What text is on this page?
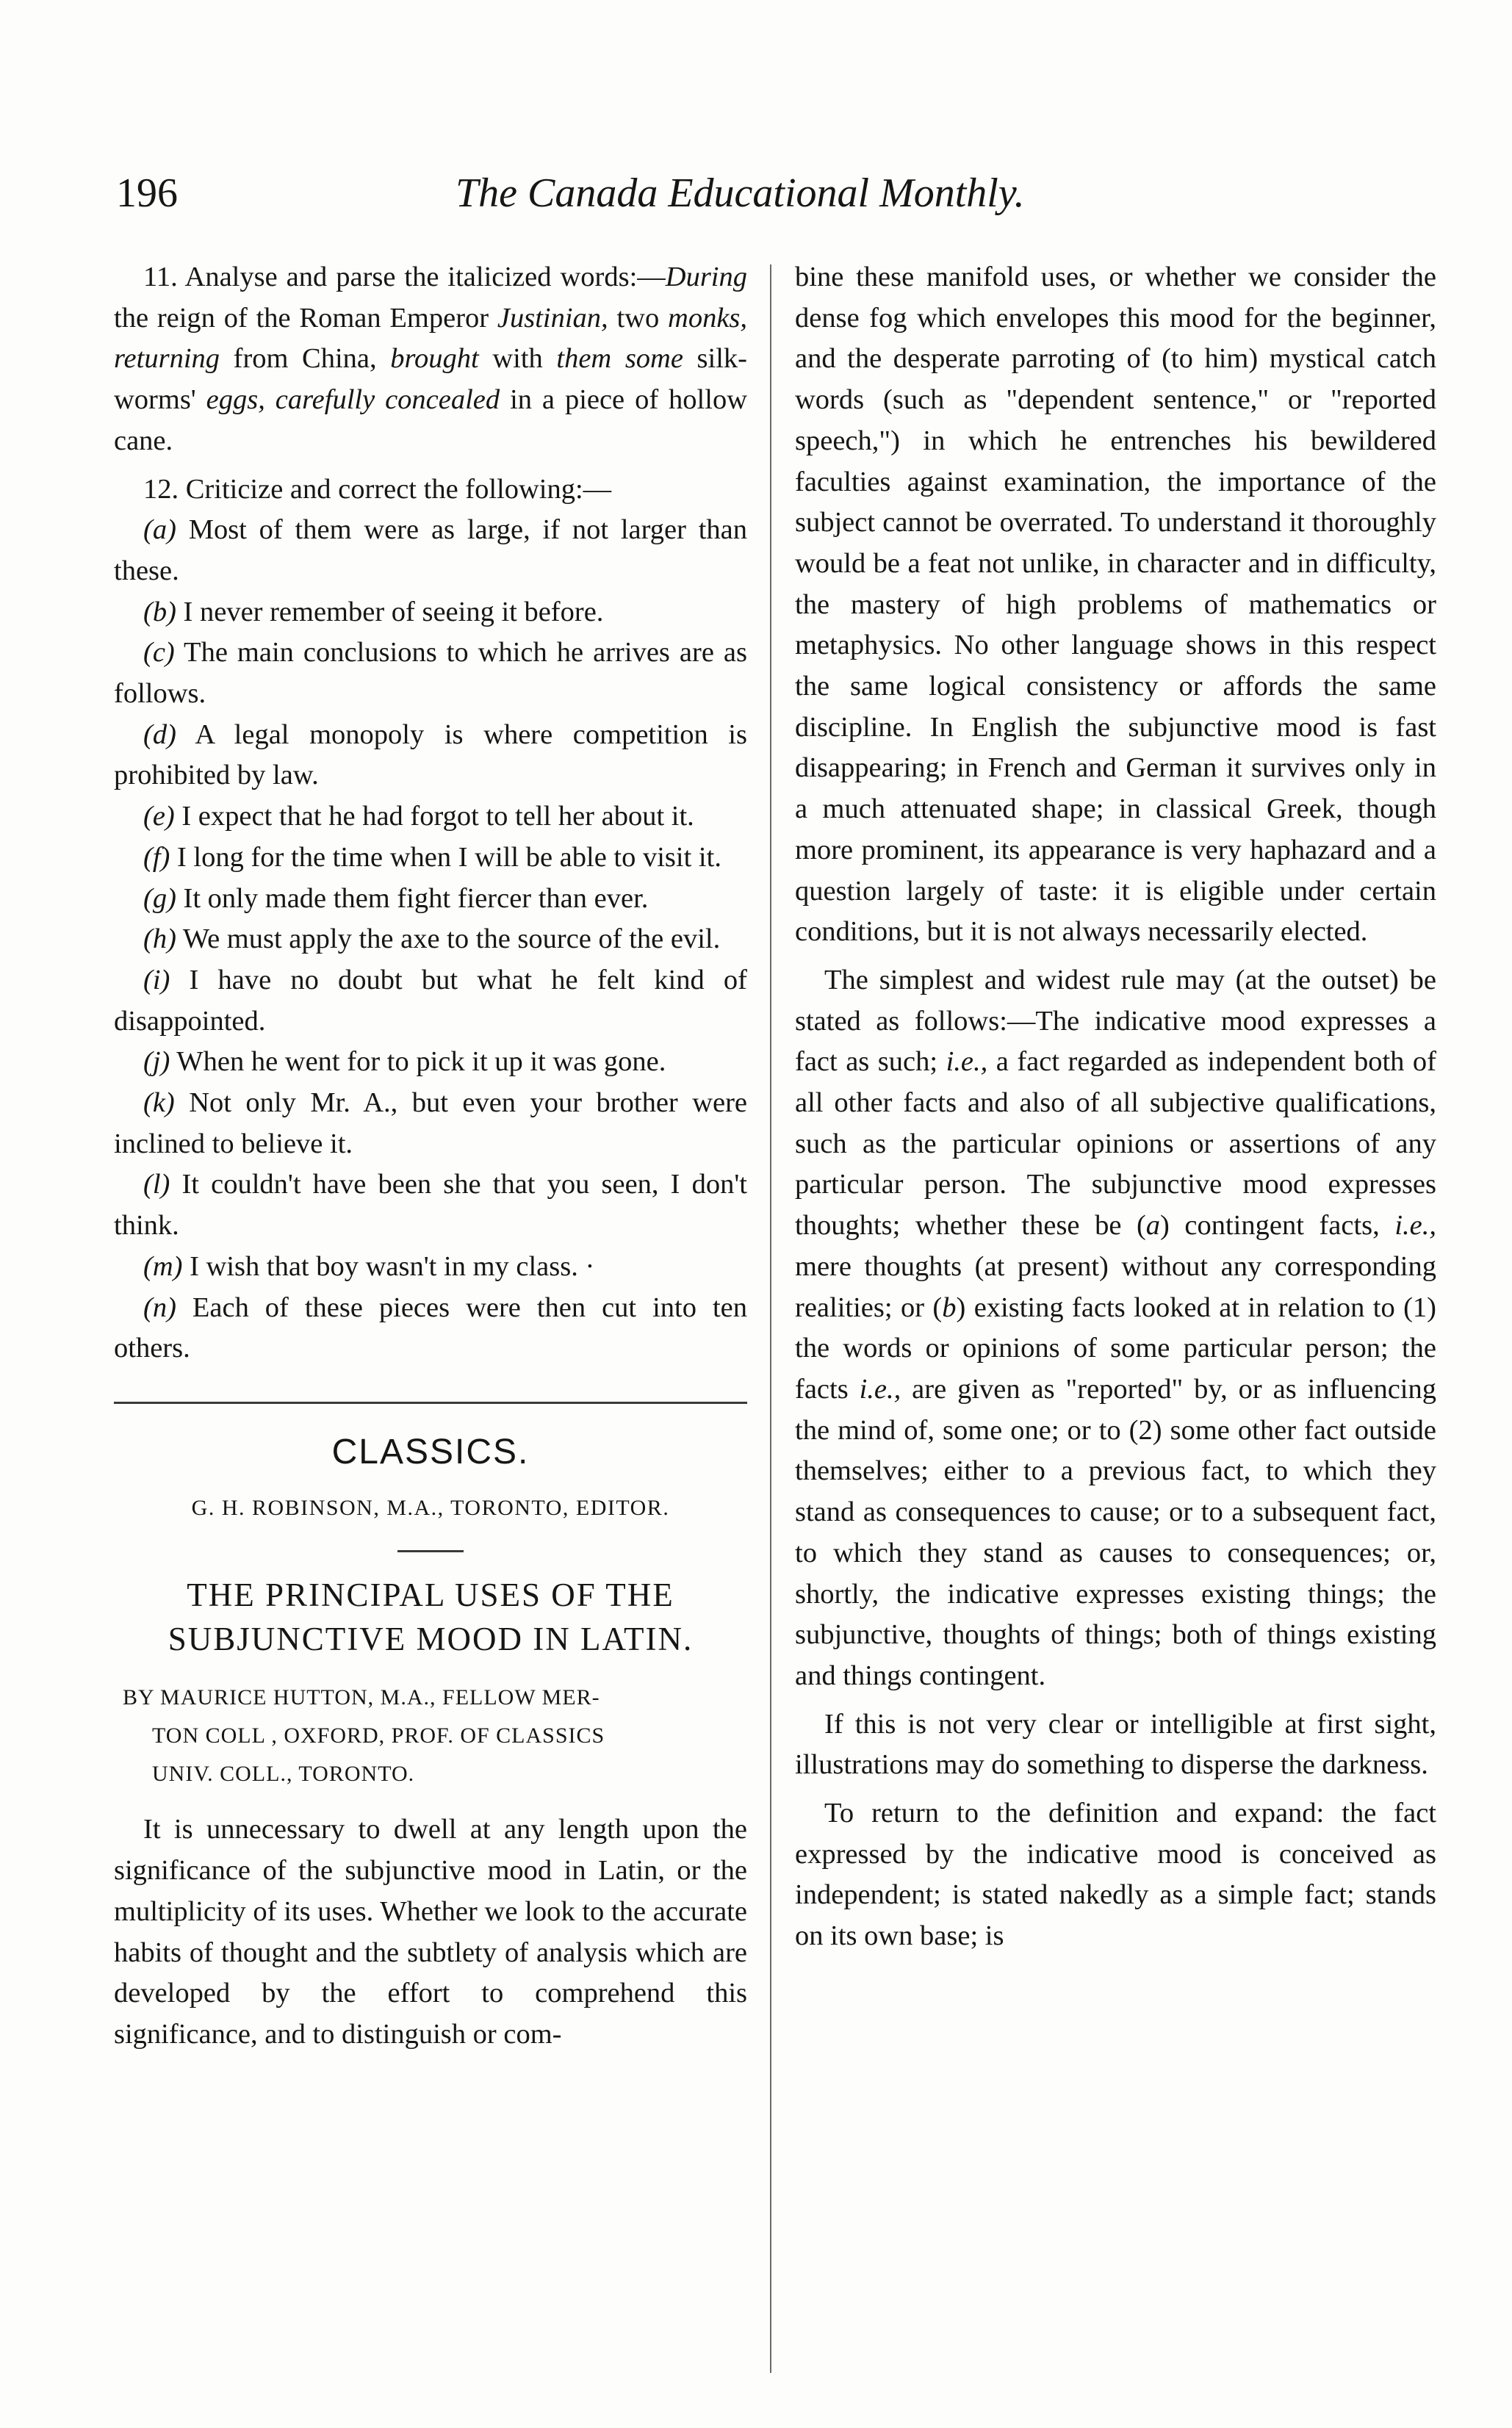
196	The Canada Educational Monthly.

11. Analyse and parse the italicized words:—During the reign of the Roman Emperor Justinian, two monks, returning from China, brought with them some silk-worms' eggs, carefully concealed in a piece of hollow cane.

12. Criticize and correct the following:—

(a) Most of them were as large, if not larger than these.

(b) I never remember of seeing it before.

(c) The main conclusions to which he arrives are as follows.

(d) A legal monopoly is where competition is prohibited by law.

(e) I expect that he had forgot to tell her about it.

(f) I long for the time when I will be able to visit it.

(g) It only made them fight fiercer than ever.

(h) We must apply the axe to the source of the evil.

(i) I have no doubt but what he felt kind of disappointed.

(j) When he went for to pick it up it was gone.

(k) Not only Mr. A., but even your brother were inclined to believe it.

(l) It couldn't have been she that you seen, I don't think.

(m) I wish that boy wasn't in my class. ·

(n) Each of these pieces were then cut into ten others.

CLASSICS.

G. H. ROBINSON, M.A., TORONTO, EDITOR.

THE PRINCIPAL USES OF THE SUBJUNCTIVE MOOD IN LATIN.

BY MAURICE HUTTON, M.A., FELLOW MER-
TON COLL , OXFORD, PROF. OF CLASSICS
UNIV. COLL., TORONTO.

It is unnecessary to dwell at any length upon the significance of the subjunctive mood in Latin, or the multiplicity of its uses. Whether we look to the accurate habits of thought and the subtlety of analysis which are developed by the effort to comprehend this significance, and to distinguish or com-

bine these manifold uses, or whether we consider the dense fog which envelopes this mood for the beginner, and the desperate parroting of (to him) mystical catch words (such as "dependent sentence," or "reported speech,") in which he entrenches his bewildered faculties against examination, the importance of the subject cannot be overrated. To understand it thoroughly would be a feat not unlike, in character and in difficulty, the mastery of high problems of mathematics or metaphysics. No other language shows in this respect the same logical consistency or affords the same discipline. In English the subjunctive mood is fast disappearing; in French and German it survives only in a much attenuated shape; in classical Greek, though more prominent, its appearance is very haphazard and a question largely of taste: it is eligible under certain conditions, but it is not always necessarily elected.

The simplest and widest rule may (at the outset) be stated as follows:—The indicative mood expresses a fact as such; i.e., a fact regarded as independent both of all other facts and also of all subjective qualifications, such as the particular opinions or assertions of any particular person. The subjunctive mood expresses thoughts; whether these be (a) contingent facts, i.e., mere thoughts (at present) without any corresponding realities; or (b) existing facts looked at in relation to (1) the words or opinions of some particular person; the facts i.e., are given as "reported" by, or as influencing the mind of, some one; or to (2) some other fact outside themselves; either to a previous fact, to which they stand as consequences to cause; or to a subsequent fact, to which they stand as causes to consequences; or, shortly, the indicative expresses existing things; the subjunctive, thoughts of things; both of things existing and things contingent.

If this is not very clear or intelligible at first sight, illustrations may do something to disperse the darkness.

To return to the definition and expand: the fact expressed by the indicative mood is conceived as independent; is stated nakedly as a simple fact; stands on its own base; is
